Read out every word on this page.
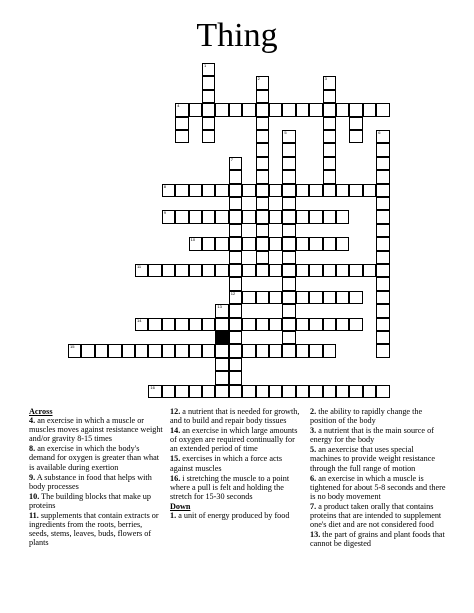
Thing
4
8
9
10
11
12
14
15
16
1
2	3
5	6
7
13
Across
4. an exercise in which a muscle or muscles moves against resistance weight and/or gravity 8-15 times
8. an exercise in which the body's demand for oxygen is greater than what is available during exertion
9. A substance in food that helps with body processes
10. The building blocks that make up proteins
11. supplements that contain extracts or ingredients from the roots, berries, seeds, stems, leaves, buds, flowers of plants
12. a nutrient that is needed for growth, and to build and repair body tissues
14. an exercise in which large amounts of oxygen are required continually for an extended period of time
15. exercises in which a force acts against muscles
16. i stretching the muscle to a point where a pull is felt and holding the stretch for 15-30 seconds
Down
1. a unit of energy produced by food
2. the ability to rapidly change the position of the body
3. a nutrient that is the main source of energy for the body
5. an aexercise that uses special machines to provide weight resistance through the full range of motion
6. an exercise in which a muscle is tightened for about 5-8 seconds and there is no body movement
7. a product taken orally that contains proteins that are intended to supplement one's diet and are not considered food
13. the part of grains and plant foods that cannot be digested
